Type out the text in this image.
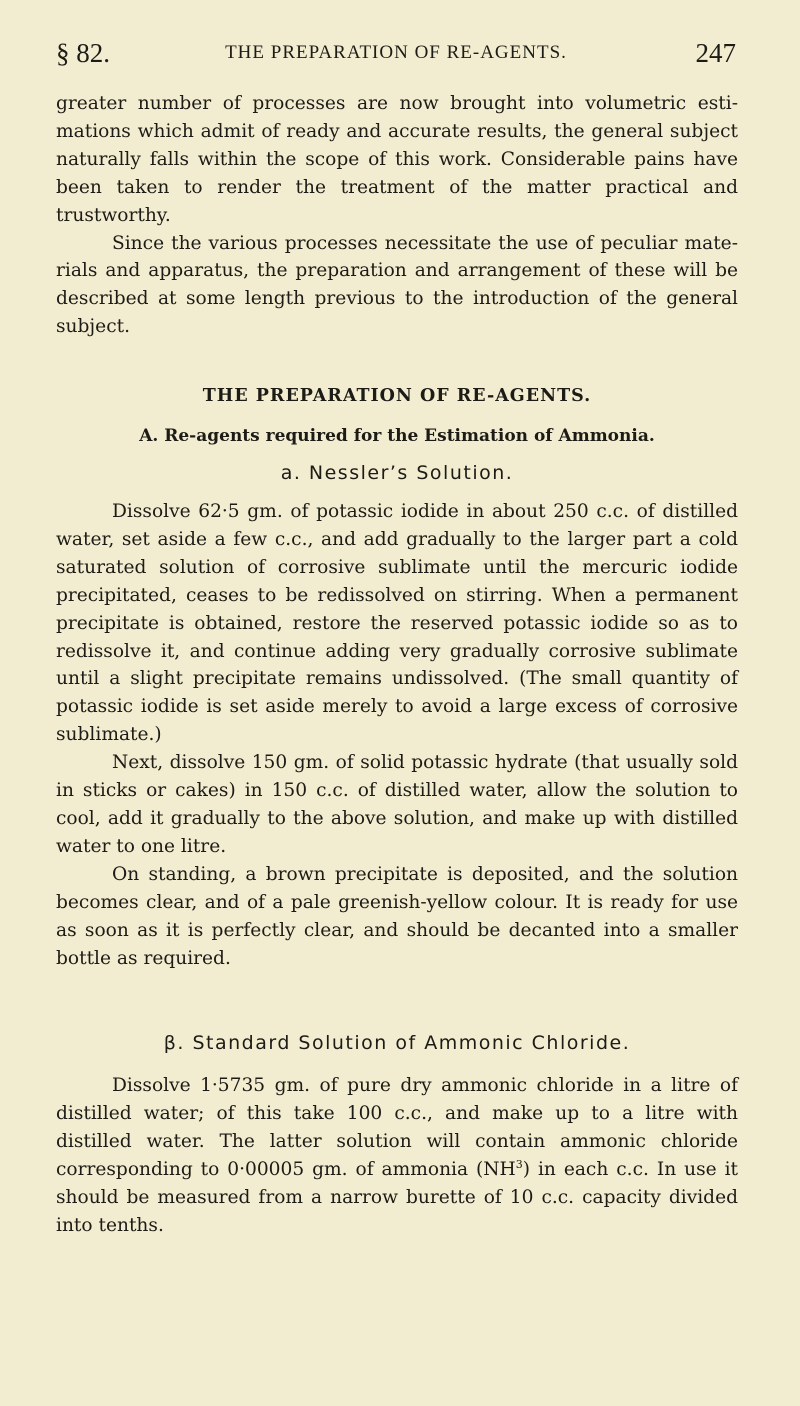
§ 82.	THE PREPARATION OF RE-AGENTS.	247

greater number of processes are now brought into volumetric estimations which admit of ready and accurate results, the general subject naturally falls within the scope of this work. Considerable pains have been taken to render the treatment of the matter practical and trustworthy.

Since the various processes necessitate the use of peculiar materials and apparatus, the preparation and arrangement of these will be described at some length previous to the introduction of the general subject.

THE PREPARATION OF RE-AGENTS.
A. Re-agents required for the Estimation of Ammonia.
a. Nessler’s Solution.

Dissolve 62·5 gm. of potassic iodide in about 250 c.c. of distilled water, set aside a few c.c., and add gradually to the larger part a cold saturated solution of corrosive sublimate until the mercuric iodide precipitated, ceases to be redissolved on stirring. When a permanent precipitate is obtained, restore the reserved potassic iodide so as to redissolve it, and continue adding very gradually corrosive sublimate until a slight precipitate remains undissolved. (The small quantity of potassic iodide is set aside merely to avoid a large excess of corrosive sublimate.)

Next, dissolve 150 gm. of solid potassic hydrate (that usually sold in sticks or cakes) in 150 c.c. of distilled water, allow the solution to cool, add it gradually to the above solution, and make up with distilled water to one litre.

On standing, a brown precipitate is deposited, and the solution becomes clear, and of a pale greenish-yellow colour. It is ready for use as soon as it is perfectly clear, and should be decanted into a smaller bottle as required.

β. Standard Solution of Ammonic Chloride.

Dissolve 1·5735 gm. of pure dry ammonic chloride in a litre of distilled water; of this take 100 c.c., and make up to a litre with distilled water. The latter solution will contain ammonic chloride corresponding to 0·00005 gm. of ammonia $(NH^3)$ in each c.c. In use it should be measured from a narrow burette of 10 c.c. capacity divided into tenths.
